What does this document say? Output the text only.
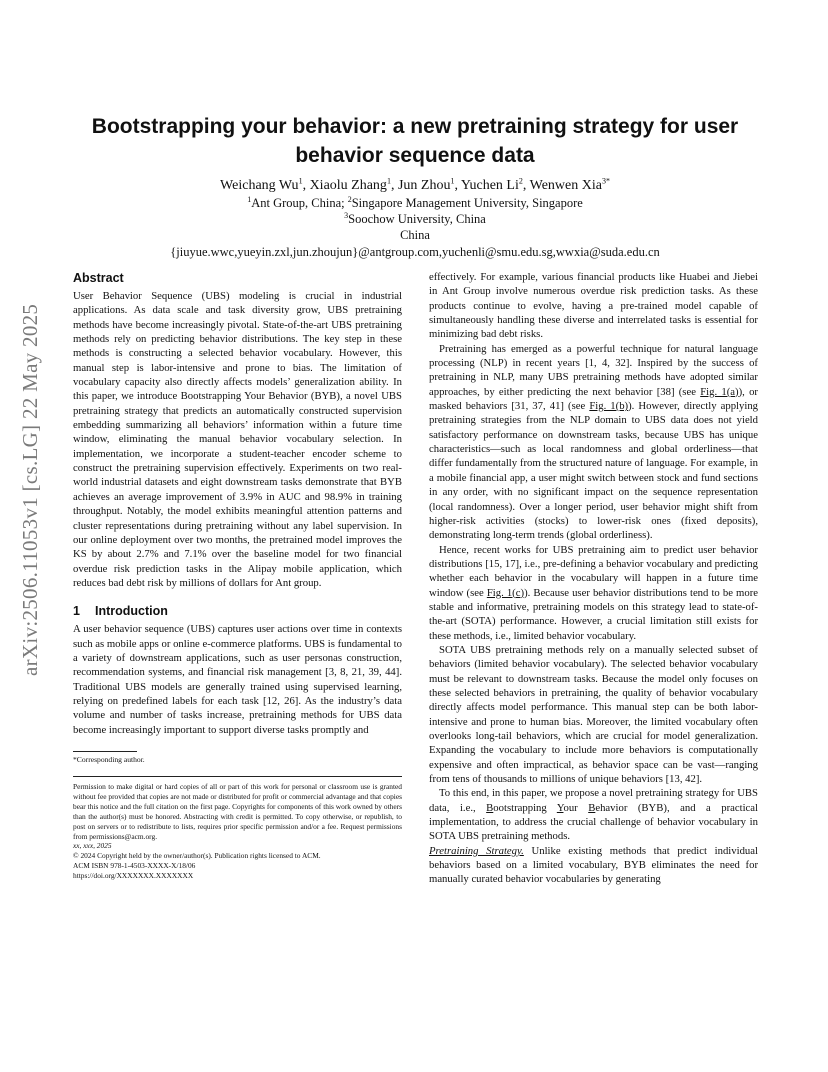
arXiv:2506.11053v1 [cs.LG] 22 May 2025
Bootstrapping your behavior: a new pretraining strategy for user
behavior sequence data
Weichang Wu$^1$, Xiaolu Zhang$^1$, Jun Zhou$^1$, Yuchen Li$^2$, Wenwen Xia$^{3*}$
$^1$Ant Group, China; $^2$Singapore Management University, Singapore
$^3$Soochow University, China
China
{jiuyue.wwc,yueyin.zxl,jun.zhoujun}@antgroup.com,yuchenli@smu.edu.sg,wwxia@suda.edu.cn
Abstract

User Behavior Sequence (UBS) modeling is crucial in industrial applications. As data scale and task diversity grow, UBS pretraining methods have become increasingly pivotal. State-of-the-art UBS pretraining methods rely on predicting behavior distributions. The key step in these methods is constructing a selected behavior vocabulary. However, this manual step is labor-intensive and prone to bias. The limitation of vocabulary capacity also directly affects models’ generalization ability. In this paper, we introduce Bootstrapping Your Behavior (BYB), a novel UBS pretraining strategy that predicts an automatically constructed supervision embedding summarizing all behaviors’ information within a future time window, eliminating the manual behavior vocabulary selection. In implementation, we incorporate a student-teacher encoder scheme to construct the pretraining supervision effectively. Experiments on two real-world industrial datasets and eight downstream tasks demonstrate that BYB achieves an average improvement of 3.9% in AUC and 98.9% in training throughput. Notably, the model exhibits meaningful attention patterns and cluster representations during pretraining without any label supervision. In our online deployment over two months, the pretrained model improves the KS by about 2.7% and 7.1% over the baseline model for two financial overdue risk prediction tasks in the Alipay mobile application, which reduces bad debt risk by millions of dollars for Ant group.

1 Introduction

A user behavior sequence (UBS) captures user actions over time in contexts such as mobile apps or online e-commerce platforms. UBS is fundamental to a variety of downstream applications, such as user personas construction, recommendation systems, and financial risk management [3, 8, 21, 39, 44]. Traditional UBS models are generally trained using supervised learning, relying on predefined labels for each task [12, 26]. As the industry’s data volume and number of tasks increase, pretraining methods for UBS data become increasingly important to support diverse tasks promptly and

*Corresponding author.

Permission to make digital or hard copies of all or part of this work for personal or classroom use is granted without fee provided that copies are not made or distributed for profit or commercial advantage and that copies bear this notice and the full citation on the first page. Copyrights for components of this work owned by others than the author(s) must be honored. Abstracting with credit is permitted. To copy otherwise, or republish, to post on servers or to redistribute to lists, requires prior specific permission and/or a fee. Request permissions from permissions@acm.org.

xx, xxx, 2025

© 2024 Copyright held by the owner/author(s). Publication rights licensed to ACM.

ACM ISBN 978-1-4503-XXXX-X/18/06

https://doi.org/XXXXXXX.XXXXXXX

effectively. For example, various financial products like Huabei and Jiebei in Ant Group involve numerous overdue risk prediction tasks. As these products continue to evolve, having a pre-trained model capable of simultaneously handling these diverse and interrelated tasks is essential for minimizing bad debt risks.

Pretraining has emerged as a powerful technique for natural language processing (NLP) in recent years [1, 4, 32]. Inspired by the success of pretraining in NLP, many UBS pretraining methods have adopted similar approaches, by either predicting the next behavior [38] (see Fig. 1(a)), or masked behaviors [31, 37, 41] (see Fig. 1(b)). However, directly applying pretraining strategies from the NLP domain to UBS data does not yield satisfactory performance on downstream tasks, because UBS has unique characteristics—such as local randomness and global orderliness—that differ fundamentally from the structured nature of language. For example, in a mobile financial app, a user might switch between stock and fund sections in any order, with no significant impact on the sequence representation (local randomness). Over a longer period, user behavior might shift from higher-risk activities (stocks) to lower-risk ones (fixed deposits), demonstrating long-term trends (global orderliness).

Hence, recent works for UBS pretraining aim to predict user behavior distributions [15, 17], i.e., pre-defining a behavior vocabulary and predicting whether each behavior in the vocabulary will happen in a future time window (see Fig. 1(c)). Because user behavior distributions tend to be more stable and informative, pretraining models on this strategy lead to state-of-the-art (SOTA) performance. However, a crucial limitation still exists for these methods, i.e., limited behavior vocabulary.

SOTA UBS pretraining methods rely on a manually selected subset of behaviors (limited behavior vocabulary). The selected behavior vocabulary must be relevant to downstream tasks. Because the model only focuses on these selected behaviors in pretraining, the quality of behavior vocabulary directly affects model performance. This manual step can be both labor-intensive and prone to human bias. Moreover, the limited vocabulary often overlooks long-tail behaviors, which are crucial for model generalization. Expanding the vocabulary to include more behaviors is computationally expensive and often impractical, as behavior space can be vast—ranging from tens of thousands to millions of unique behaviors [13, 42].

To this end, in this paper, we propose a novel pretraining strategy for UBS data, i.e., Bootstrapping Your Behavior (BYB), and a practical implementation, to address the crucial challenge of behavior vocabulary in SOTA UBS pretraining methods.

Pretraining Strategy. Unlike existing methods that predict individual behaviors based on a limited vocabulary, BYB eliminates the need for manually curated behavior vocabularies by generating
